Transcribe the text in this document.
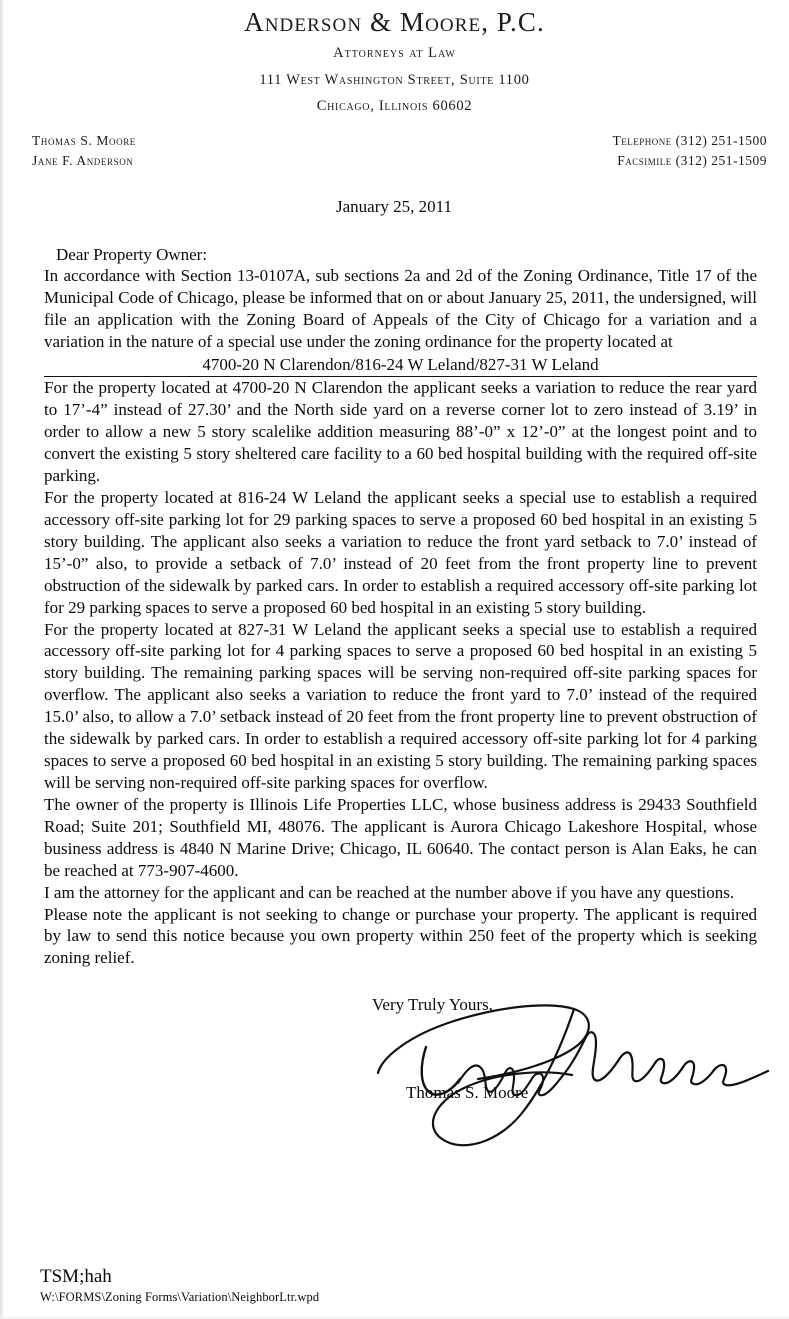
Anderson & Moore, P.C.
Attorneys at Law
111 West Washington Street, Suite 1100
Chicago, Illinois 60602
Thomas S. Moore
Jane F. Anderson
Telephone (312) 251-1500
Facsimile (312) 251-1509
January 25, 2011
Dear Property Owner:

In accordance with Section 13-0107A, sub sections 2a and 2d of the Zoning Ordinance, Title 17 of the Municipal Code of Chicago, please be informed that on or about January 25, 2011, the undersigned, will file an application with the Zoning Board of Appeals of the City of Chicago for a variation and a variation in the nature of a special use under the zoning ordinance for the property located at

4700-20 N Clarendon/816-24 W Leland/827-31 W Leland

For the property located at 4700-20 N Clarendon the applicant seeks a variation to reduce the rear yard to 17’-4” instead of 27.30’ and the North side yard on a reverse corner lot to zero instead of 3.19’ in order to allow a new 5 story scalelike addition measuring 88’-0” x 12’-0” at the longest point and to convert the existing 5 story sheltered care facility to a 60 bed hospital building with the required off-site parking.

For the property located at 816-24 W Leland the applicant seeks a special use to establish a required accessory off-site parking lot for 29 parking spaces to serve a proposed 60 bed hospital in an existing 5 story building. The applicant also seeks a variation to reduce the front yard setback to 7.0’ instead of 15’-0” also, to provide a setback of 7.0’ instead of 20 feet from the front property line to prevent obstruction of the sidewalk by parked cars. In order to establish a required accessory off-site parking lot for 29 parking spaces to serve a proposed 60 bed hospital in an existing 5 story building.

For the property located at 827-31 W Leland the applicant seeks a special use to establish a required accessory off-site parking lot for 4 parking spaces to serve a proposed 60 bed hospital in an existing 5 story building. The remaining parking spaces will be serving non-required off-site parking spaces for overflow. The applicant also seeks a variation to reduce the front yard to 7.0’ instead of the required 15.0’ also, to allow a 7.0’ setback instead of 20 feet from the front property line to prevent obstruction of the sidewalk by parked cars. In order to establish a required accessory off-site parking lot for 4 parking spaces to serve a proposed 60 bed hospital in an existing 5 story building. The remaining parking spaces will be serving non-required off-site parking spaces for overflow.

The owner of the property is Illinois Life Properties LLC, whose business address is 29433 Southfield Road; Suite 201; Southfield MI, 48076. The applicant is Aurora Chicago Lakeshore Hospital, whose business address is 4840 N Marine Drive; Chicago, IL 60640. The contact person is Alan Eaks, he can be reached at 773-907-4600.

I am the attorney for the applicant and can be reached at the number above if you have any questions.

Please note the applicant is not seeking to change or purchase your property. The applicant is required by law to send this notice because you own property within 250 feet of the property which is seeking zoning relief.

Very Truly Yours,
Thomas S. Moore
TSM;hah
W:\FORMS\Zoning Forms\Variation\NeighborLtr.wpd
